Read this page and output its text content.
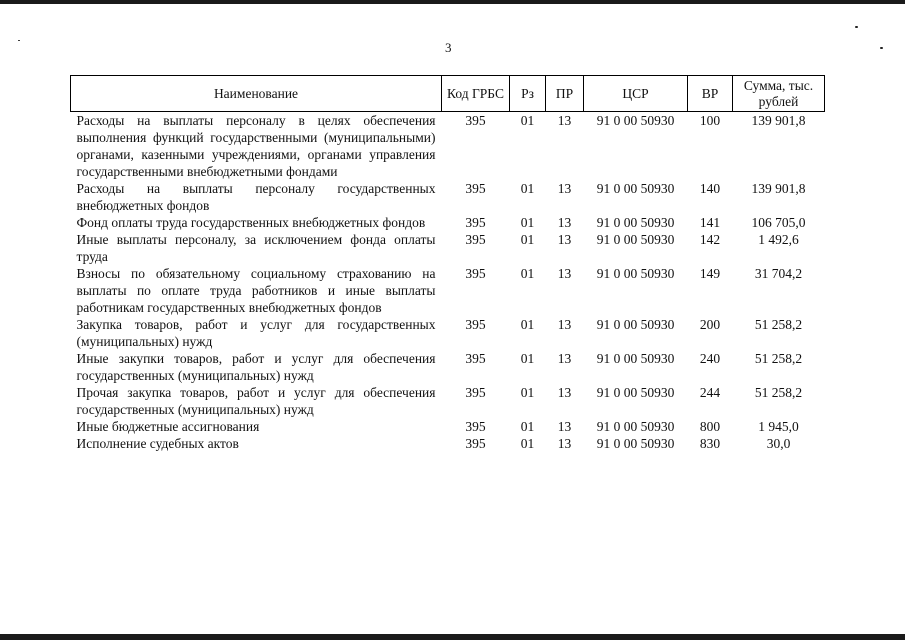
3
Наименование	Код ГРБС	Рз	ПР	ЦСР	ВР	Сумма, тыс. рублей
Расходы на выплаты персоналу в целях обеспечения выполнения функций государственными (муниципальными) органами, казенными учреждениями, органами управления государственными внебюджетными фондами	395	01	13	91 0 00 50930	100	139 901,8
Расходы на выплаты персоналу государственных внебюджетных фондов	395	01	13	91 0 00 50930	140	139 901,8
Фонд оплаты труда государственных внебюджетных фондов	395	01	13	91 0 00 50930	141	106 705,0
Иные выплаты персоналу, за исключением фонда оплаты труда	395	01	13	91 0 00 50930	142	1 492,6
Взносы по обязательному социальному страхованию на выплаты по оплате труда работников и иные выплаты работникам государственных внебюджетных фондов	395	01	13	91 0 00 50930	149	31 704,2
Закупка товаров, работ и услуг для государственных (муниципальных) нужд	395	01	13	91 0 00 50930	200	51 258,2
Иные закупки товаров, работ и услуг для обеспечения государственных (муниципальных) нужд	395	01	13	91 0 00 50930	240	51 258,2
Прочая закупка товаров, работ и услуг для обеспечения государственных (муниципальных) нужд	395	01	13	91 0 00 50930	244	51 258,2
Иные бюджетные ассигнования	395	01	13	91 0 00 50930	800	1 945,0
Исполнение судебных актов	395	01	13	91 0 00 50930	830	30,0
